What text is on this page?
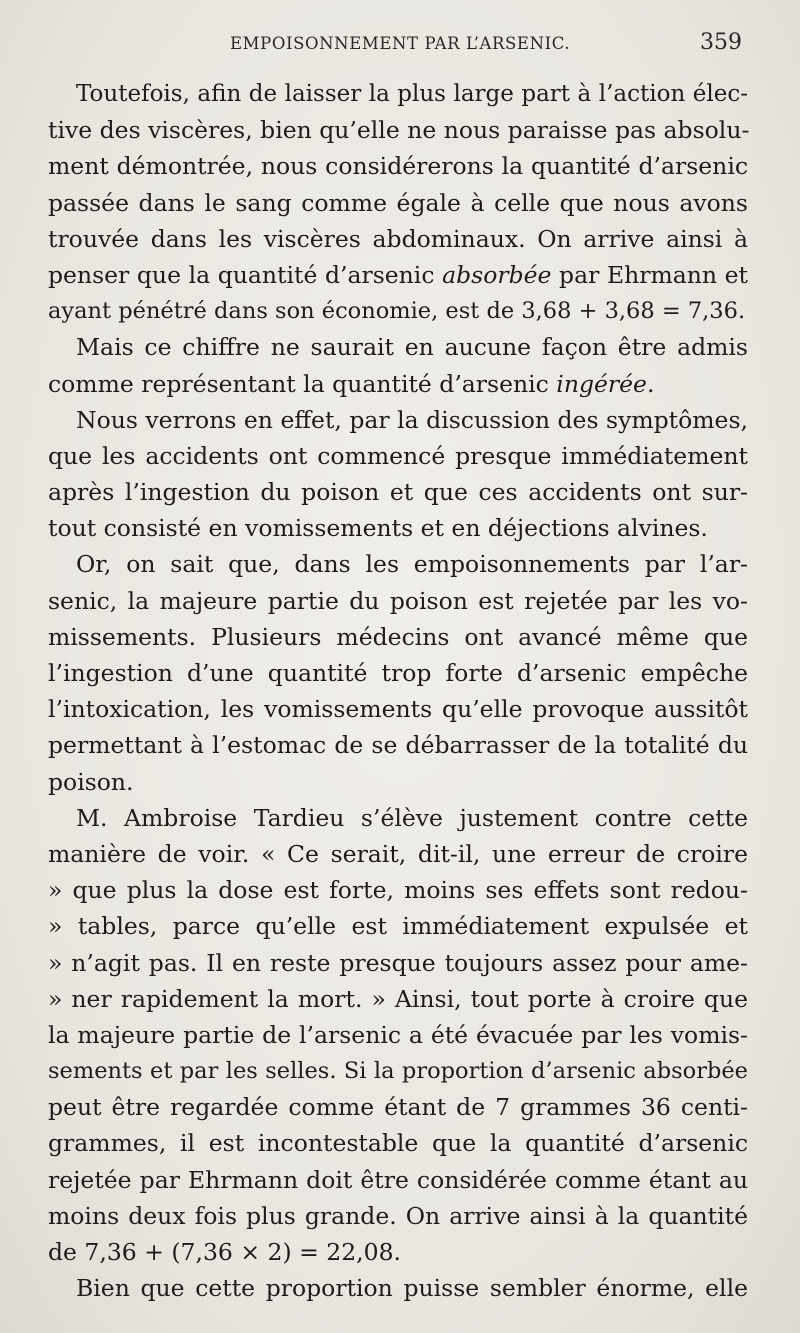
EMPOISONNEMENT PAR L’ARSENIC.	359
Toutefois, afin de laisser la plus large part à l’action élec-
tive des viscères, bien qu’elle ne nous paraisse pas absolu-
ment démontrée, nous considérerons la quantité d’arsenic
passée dans le sang comme égale à celle que nous avons
trouvée dans les viscères abdominaux. On arrive ainsi à
penser que la quantité d’arsenic absorbée par Ehrmann et
ayant pénétré dans son économie, est de 3,68 + 3,68 = 7,36.
Mais ce chiffre ne saurait en aucune façon être admis
comme représentant la quantité d’arsenic ingérée.
Nous verrons en effet, par la discussion des symptômes,
que les accidents ont commencé presque immédiatement
après l’ingestion du poison et que ces accidents ont sur-
tout consisté en vomissements et en déjections alvines.
Or, on sait que, dans les empoisonnements par l’ar-
senic, la majeure partie du poison est rejetée par les vo-
missements. Plusieurs médecins ont avancé même que
l’ingestion d’une quantité trop forte d’arsenic empêche
l’intoxication, les vomissements qu’elle provoque aussitôt
permettant à l’estomac de se débarrasser de la totalité du
poison.
M. Ambroise Tardieu s’élève justement contre cette
manière de voir. « Ce serait, dit-il, une erreur de croire
» que plus la dose est forte, moins ses effets sont redou-
» tables, parce qu’elle est immédiatement expulsée et
» n’agit pas. Il en reste presque toujours assez pour ame-
» ner rapidement la mort. » Ainsi, tout porte à croire que
la majeure partie de l’arsenic a été évacuée par les vomis-
sements et par les selles. Si la proportion d’arsenic absorbée
peut être regardée comme étant de 7 grammes 36 centi-
grammes, il est incontestable que la quantité d’arsenic
rejetée par Ehrmann doit être considérée comme étant au
moins deux fois plus grande. On arrive ainsi à la quantité
de 7,36 + (7,36 × 2) = 22,08.
Bien que cette proportion puisse sembler énorme, elle
